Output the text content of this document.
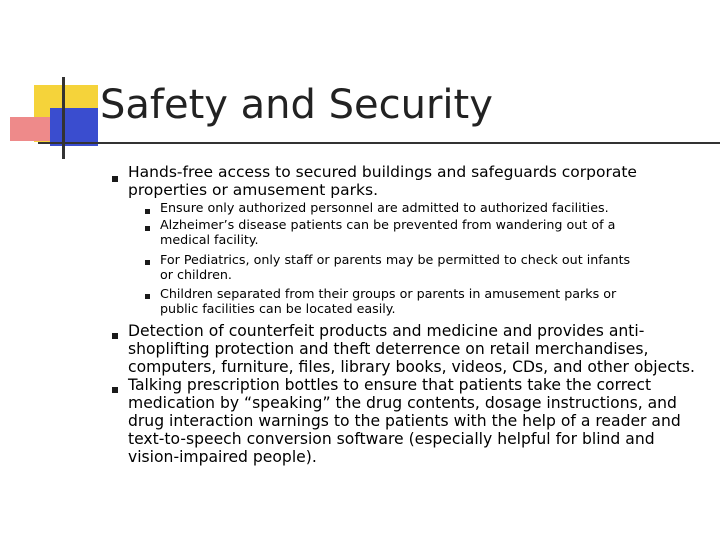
Safety and Security
Hands-free access to secured buildings and safeguards corporate
properties or amusement parks.
Ensure only authorized personnel are admitted to authorized facilities.
Alzheimer’s disease patients can be prevented from wandering out of a
medical facility.
For Pediatrics, only staff or parents may be permitted to check out infants
or children.
Children separated from their groups or parents in amusement parks or
public facilities can be located easily.
Detection of counterfeit products and medicine and provides anti-
shoplifting protection and theft deterrence on retail merchandises,
computers, furniture, files, library books, videos, CDs, and other objects.
Talking prescription bottles to ensure that patients take the correct
medication by “speaking” the drug contents, dosage instructions, and
drug interaction warnings to the patients with the help of a reader and
text-to-speech conversion software (especially helpful for blind and
vision-impaired people).
